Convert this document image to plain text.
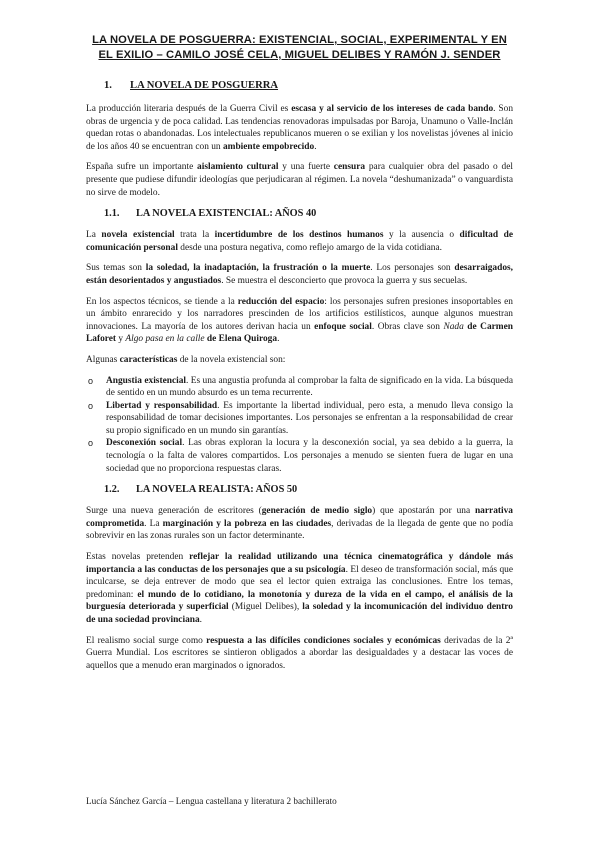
LA NOVELA DE POSGUERRA: EXISTENCIAL, SOCIAL, EXPERIMENTAL Y EN EL EXILIO – CAMILO JOSÉ CELA, MIGUEL DELIBES Y RAMÓN J. SENDER
1. LA NOVELA DE POSGUERRA

La producción literaria después de la Guerra Civil es escasa y al servicio de los intereses de cada bando. Son obras de urgencia y de poca calidad. Las tendencias renovadoras impulsadas por Baroja, Unamuno o Valle-Inclán quedan rotas o abandonadas. Los intelectuales republicanos mueren o se exilian y los novelistas jóvenes al inicio de los años 40 se encuentran con un ambiente empobrecido.

España sufre un importante aislamiento cultural y una fuerte censura para cualquier obra del pasado o del presente que pudiese difundir ideologías que perjudicaran al régimen. La novela “deshumanizada” o vanguardista no sirve de modelo.

1.1. LA NOVELA EXISTENCIAL: AÑOS 40

La novela existencial trata la incertidumbre de los destinos humanos y la ausencia o dificultad de comunicación personal desde una postura negativa, como reflejo amargo de la vida cotidiana.

Sus temas son la soledad, la inadaptación, la frustración o la muerte. Los personajes son desarraigados, están desorientados y angustiados. Se muestra el desconcierto que provoca la guerra y sus secuelas.

En los aspectos técnicos, se tiende a la reducción del espacio: los personajes sufren presiones insoportables en un ámbito enrarecido y los narradores prescinden de los artificios estilísticos, aunque algunos muestran innovaciones. La mayoría de los autores derivan hacia un enfoque social. Obras clave son Nada de Carmen Laforet y Algo pasa en la calle de Elena Quiroga.

Algunas características de la novela existencial son:

o Angustia existencial. Es una angustia profunda al comprobar la falta de significado en la vida. La búsqueda de sentido en un mundo absurdo es un tema recurrente.
o Libertad y responsabilidad. Es importante la libertad individual, pero esta, a menudo lleva consigo la responsabilidad de tomar decisiones importantes. Los personajes se enfrentan a la responsabilidad de crear su propio significado en un mundo sin garantías.
o Desconexión social. Las obras exploran la locura y la desconexión social, ya sea debido a la guerra, la tecnología o la falta de valores compartidos. Los personajes a menudo se sienten fuera de lugar en una sociedad que no proporciona respuestas claras.
1.2. LA NOVELA REALISTA: AÑOS 50

Surge una nueva generación de escritores (generación de medio siglo) que apostarán por una narrativa comprometida. La marginación y la pobreza en las ciudades, derivadas de la llegada de gente que no podía sobrevivir en las zonas rurales son un factor determinante.

Estas novelas pretenden reflejar la realidad utilizando una técnica cinematográfica y dándole más importancia a las conductas de los personajes que a su psicología. El deseo de transformación social, más que inculcarse, se deja entrever de modo que sea el lector quien extraiga las conclusiones. Entre los temas, predominan: el mundo de lo cotidiano, la monotonía y dureza de la vida en el campo, el análisis de la burguesía deteriorada y superficial (Miguel Delibes), la soledad y la incomunicación del individuo dentro de una sociedad provinciana.

El realismo social surge como respuesta a las difíciles condiciones sociales y económicas derivadas de la 2ª Guerra Mundial. Los escritores se sintieron obligados a abordar las desigualdades y a destacar las voces de aquellos que a menudo eran marginados o ignorados.

Lucía Sánchez García – Lengua castellana y literatura 2 bachillerato
